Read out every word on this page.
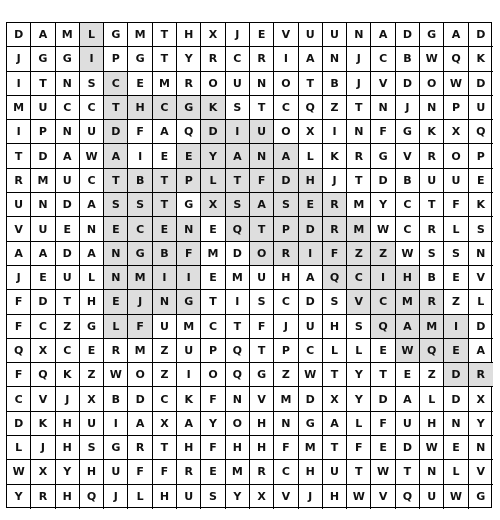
D	A	M	L	G	M	T	H	X	J	E	V	U	U	N	A	D	G	A	D
J	G	G	I	P	G	T	Y	R	C	R	I	A	N	J	C	B	W	Q	K
I	T	N	S	C	E	M	R	O	U	N	O	T	B	J	V	D	O	W	D
M	U	C	C	T	H	C	G	K	S	T	C	Q	Z	T	N	J	N	P	U
I	P	N	U	D	F	A	Q	D	I	U	O	X	I	N	F	G	K	X	Q
T	D	A	W	A	I	E	E	Y	A	N	A	L	K	R	G	V	R	O	P
R	M	U	C	T	B	T	P	L	T	F	D	H	J	T	D	B	U	U	E
U	N	D	A	S	S	T	G	X	S	A	S	E	R	M	Y	C	T	F	K
V	U	E	N	E	C	E	N	E	Q	T	P	D	R	M	W	C	R	L	S
A	A	D	A	N	G	B	F	M	D	O	R	I	F	Z	Z	W	S	S	N
J	E	U	L	N	M	I	I	E	M	U	H	A	Q	C	I	H	B	E	V
F	D	T	H	E	J	N	G	T	I	S	C	D	S	V	C	M	R	Z	L
F	C	Z	G	L	F	U	M	C	T	F	J	U	H	S	Q	A	M	I	D
Q	X	C	E	R	M	Z	U	P	Q	T	P	C	L	L	E	W	Q	E	A
F	Q	K	Z	W	O	Z	I	O	Q	G	Z	W	T	Y	T	E	Z	D	R
C	V	J	X	B	D	C	K	F	N	V	M	D	X	Y	D	A	L	D	X
D	K	H	U	I	A	X	A	Y	O	H	N	G	A	L	F	U	H	N	Y
L	J	H	S	G	R	T	H	F	H	H	F	M	T	F	E	D	W	E	N
W	X	Y	H	U	F	F	R	E	M	R	C	H	U	T	W	T	N	L	V
Y	R	H	Q	J	L	H	U	S	Y	X	V	J	H	W	V	Q	U	W	G
